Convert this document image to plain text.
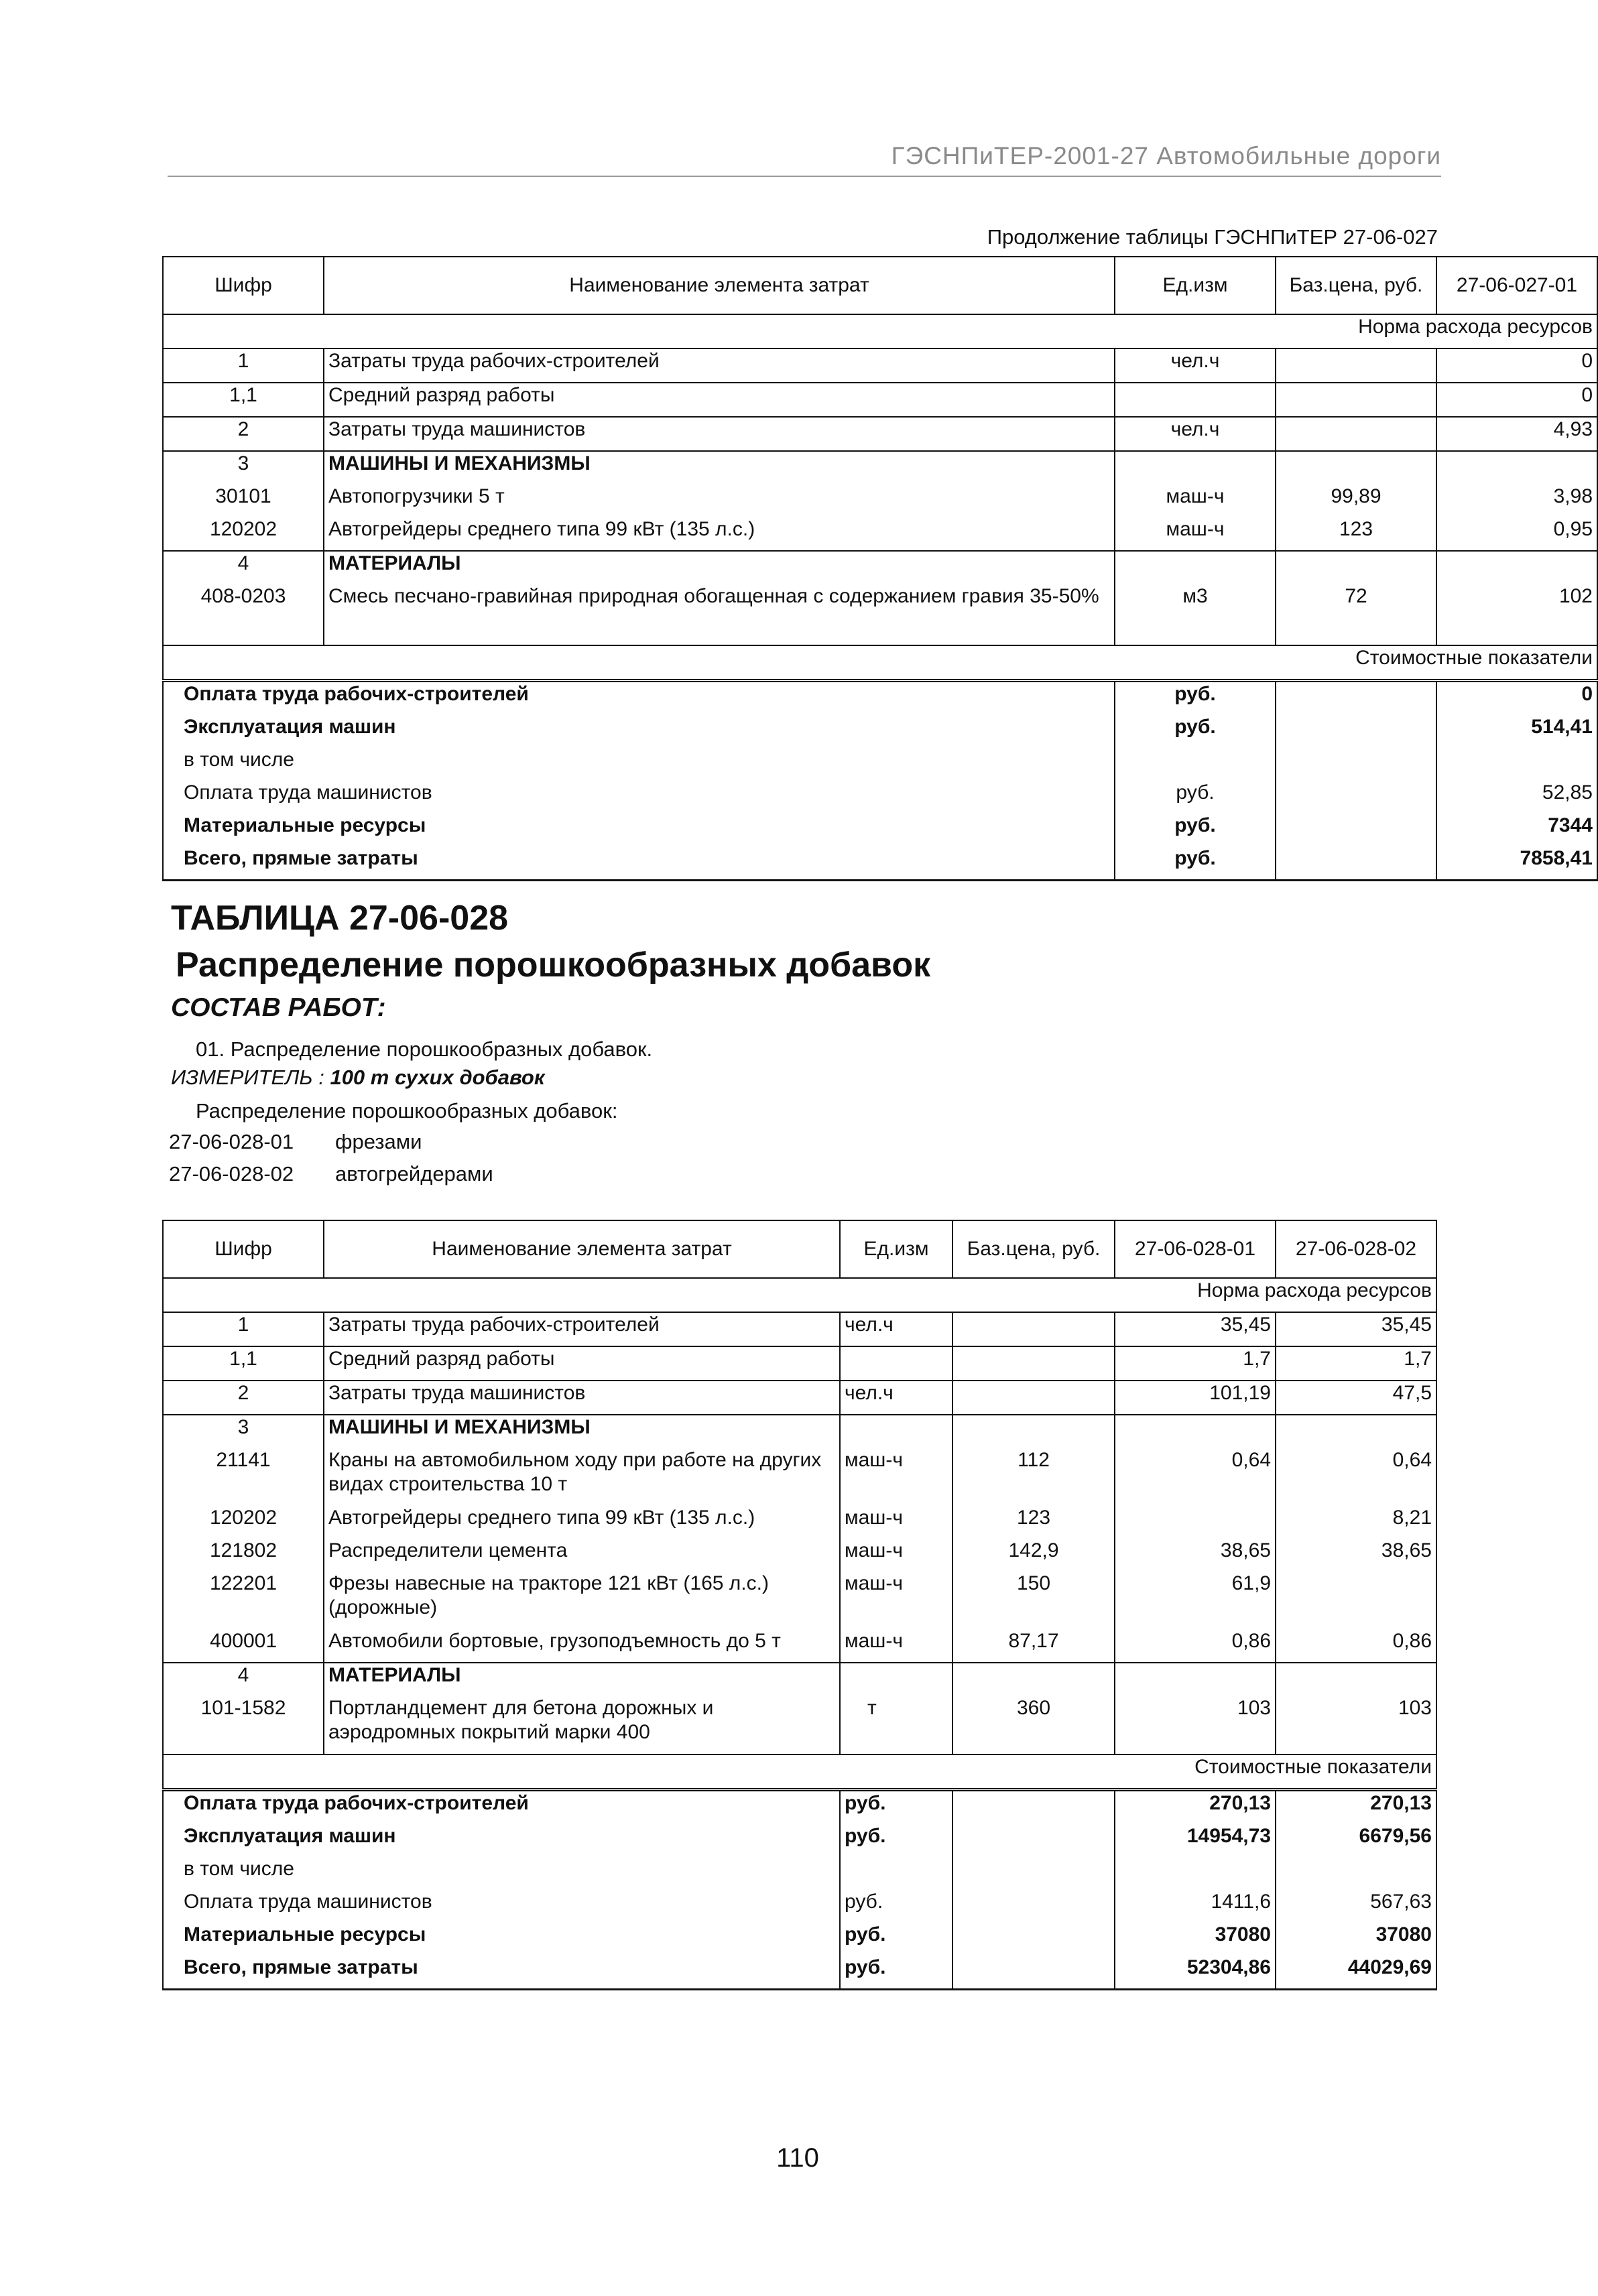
ГЭСНПиТЕР-2001-27 Автомобильные дороги
Продолжение таблицы ГЭСНПиТЕР 27-06-027
Шифр	Наименование элемента затрат	Ед.изм	Баз.цена, руб.	27-06-027-01
Норма расхода ресурсов				
1	Затраты труда рабочих-строителей	чел.ч		0
1,1	Средний разряд работы			0
2	Затраты труда машинистов	чел.ч		4,93
3	МАШИНЫ И МЕХАНИЗМЫ			
30101	Автопогрузчики 5 т	маш-ч	99,89	3,98
120202	Автогрейдеры среднего типа 99 кВт (135 л.с.)	маш-ч	123	0,95
4	МАТЕРИАЛЫ			
408-0203	Смесь песчано-гравийная природная обогащенная с содержанием гравия 35-50%	м3	72	102
Стоимостные показатели				
Оплата труда рабочих-строителей		руб.		0
Эксплуатация машин		руб.		514,41
в том числе				
Оплата труда машинистов		руб.		52,85
Материальные ресурсы		руб.		7344
Всего, прямые затраты		руб.		7858,41
ТАБЛИЦА 27-06-028
Распределение порошкообразных добавок
СОСТАВ РАБОТ:
01. Распределение порошкообразных добавок.
ИЗМЕРИТЕЛЬ : 100 т сухих добавок
Распределение порошкообразных добавок:
27-06-028-01 фрезами
27-06-028-02 автогрейдерами
Шифр	Наименование элемента затрат	Ед.изм	Баз.цена, руб.	27-06-028-01	27-06-028-02
Норма расхода ресурсов					
1	Затраты труда рабочих-строителей	чел.ч		35,45	35,45
1,1	Средний разряд работы			1,7	1,7
2	Затраты труда машинистов	чел.ч		101,19	47,5
3	МАШИНЫ И МЕХАНИЗМЫ				
21141	Краны на автомобильном ходу при работе на других видах строительства 10 т	маш-ч	112	0,64	0,64
120202	Автогрейдеры среднего типа 99 кВт (135 л.с.)	маш-ч	123		8,21
121802	Распределители цемента	маш-ч	142,9	38,65	38,65
122201	Фрезы навесные на тракторе 121 кВт (165 л.с.) (дорожные)	маш-ч	150	61,9	
400001	Автомобили бортовые, грузоподъемность до 5 т	маш-ч	87,17	0,86	0,86
4	МАТЕРИАЛЫ				
101-1582	Портландцемент для бетона дорожных и аэродромных покрытий марки 400	т	360	103	103
Стоимостные показатели					
Оплата труда рабочих-строителей		руб.		270,13	270,13
Эксплуатация машин		руб.		14954,73	6679,56
в том числе					
Оплата труда машинистов		руб.		1411,6	567,63
Материальные ресурсы		руб.		37080	37080
Всего, прямые затраты		руб.		52304,86	44029,69
110
